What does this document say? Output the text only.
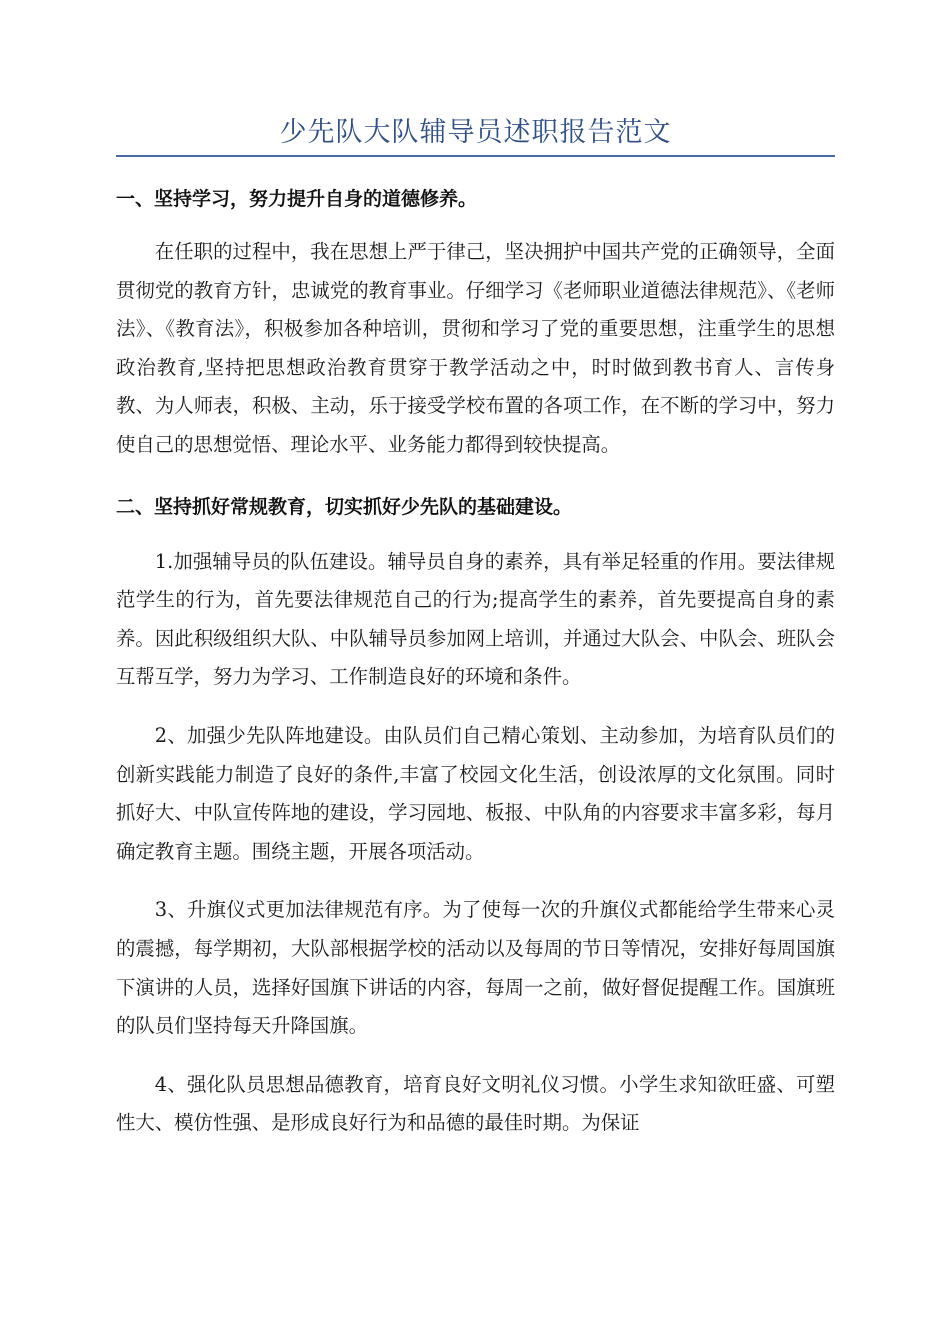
少先队大队辅导员述职报告范文
一、坚持学习，努力提升自身的道德修养。

在任职的过程中，我在思想上严于律己，坚决拥护中国共产党的正确领导，全面贯彻党的教育方针，忠诚党的教育事业。仔细学习《老师职业道德法律规范》、《老师法》、《教育法》，积极参加各种培训，贯彻和学习了党的重要思想，注重学生的思想政治教育,坚持把思想政治教育贯穿于教学活动之中，时时做到教书育人、言传身教、为人师表，积极、主动，乐于接受学校布置的各项工作，在不断的学习中，努力使自己的思想觉悟、理论水平、业务能力都得到较快提高。

二、坚持抓好常规教育，切实抓好少先队的基础建设。

1.加强辅导员的队伍建设。辅导员自身的素养，具有举足轻重的作用。要法律规范学生的行为，首先要法律规范自己的行为;提高学生的素养，首先要提高自身的素养。因此积级组织大队、中队辅导员参加网上培训，并通过大队会、中队会、班队会互帮互学，努力为学习、工作制造良好的环境和条件。

2、加强少先队阵地建设。由队员们自己精心策划、主动参加，为培育队员们的创新实践能力制造了良好的条件,丰富了校园文化生活，创设浓厚的文化氛围。同时抓好大、中队宣传阵地的建设，学习园地、板报、中队角的内容要求丰富多彩，每月确定教育主题。围绕主题，开展各项活动。

3、升旗仪式更加法律规范有序。为了使每一次的升旗仪式都能给学生带来心灵的震撼，每学期初，大队部根据学校的活动以及每周的节日等情况，安排好每周国旗下演讲的人员，选择好国旗下讲话的内容，每周一之前，做好督促提醒工作。国旗班的队员们坚持每天升降国旗。

4、强化队员思想品德教育，培育良好文明礼仪习惯。小学生求知欲旺盛、可塑性大、模仿性强、是形成良好行为和品德的最佳时期。为保证
